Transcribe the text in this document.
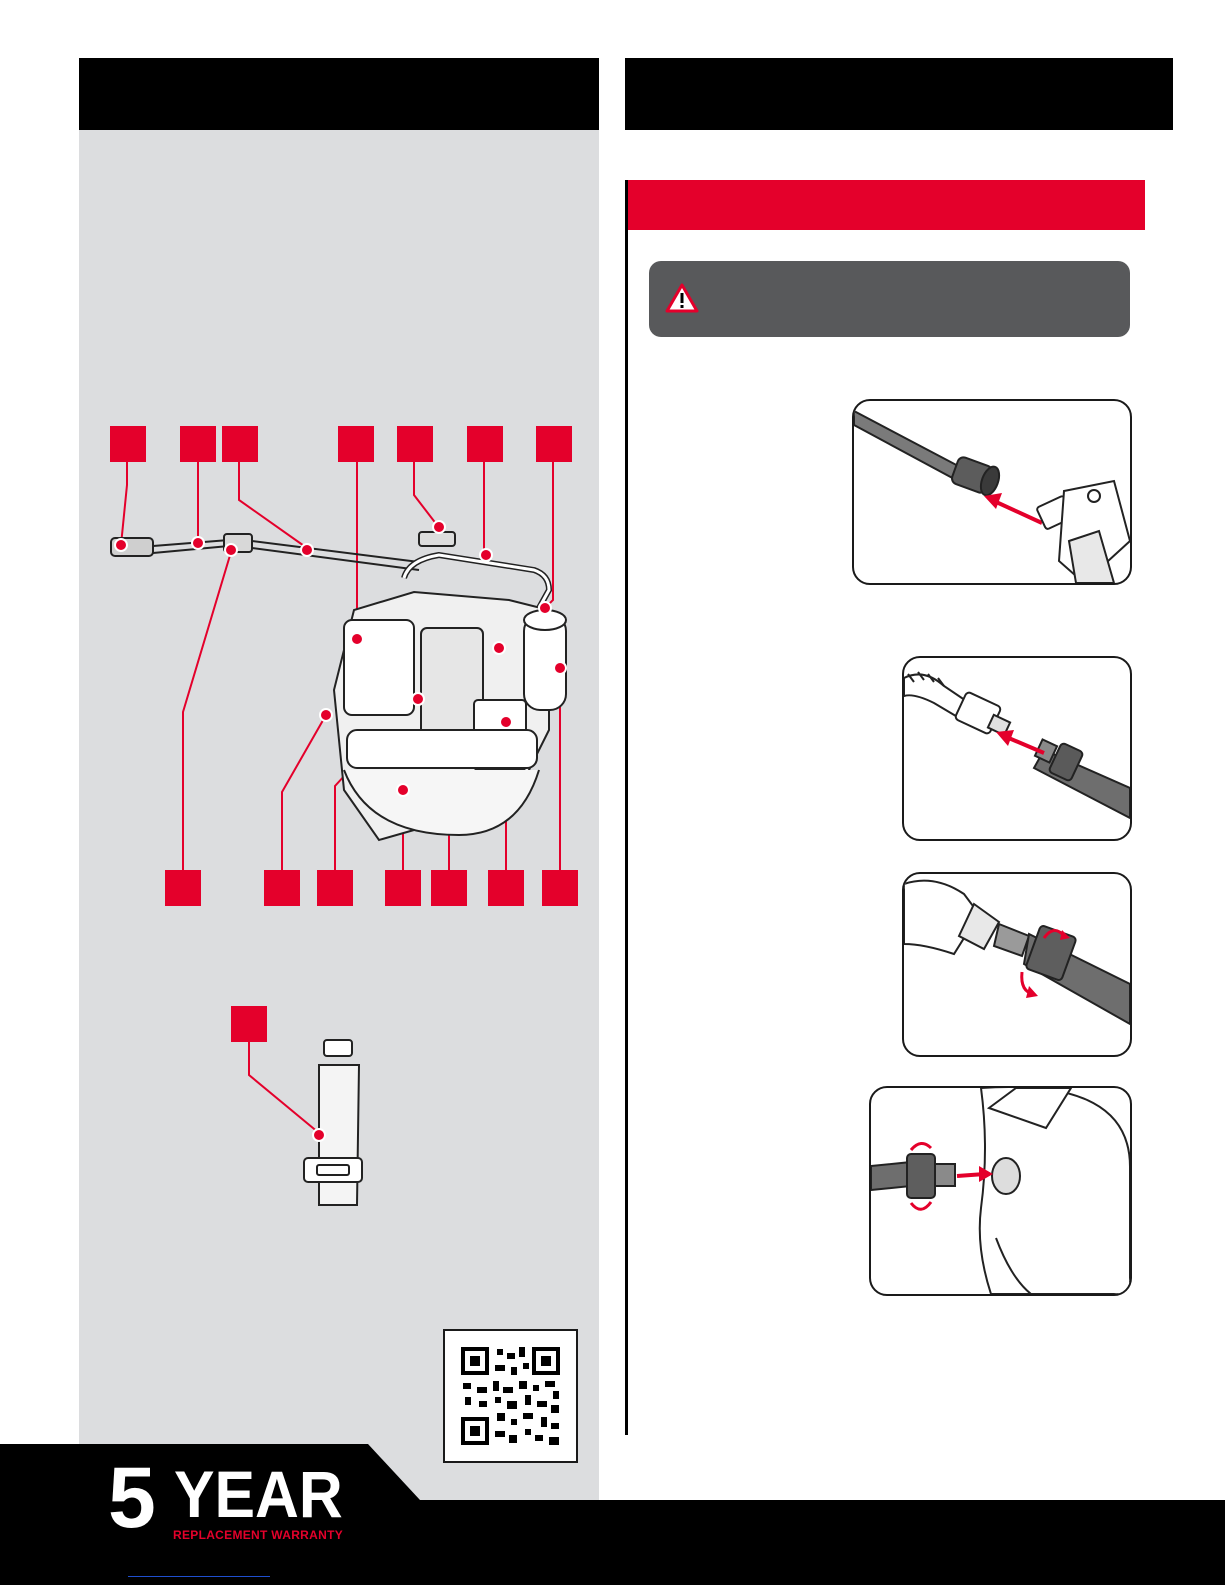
5 YEAR
REPLACEMENT WARRANTY
